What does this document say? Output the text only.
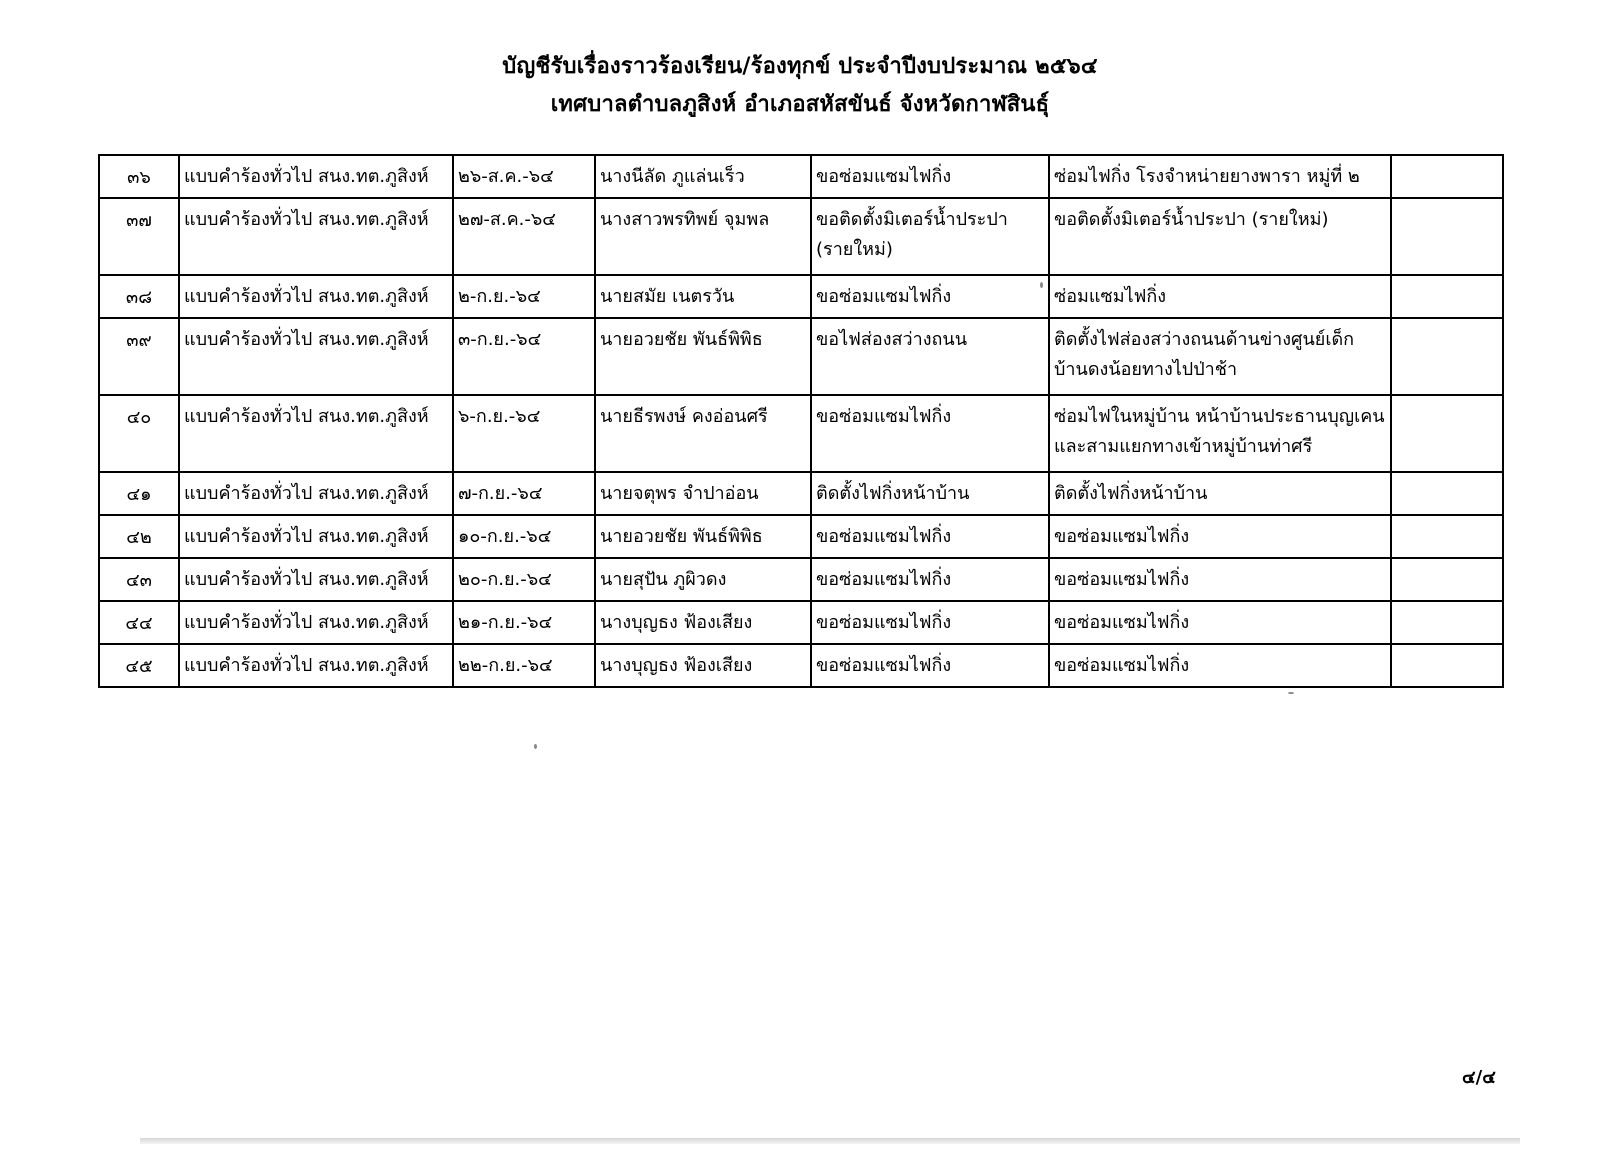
บัญชีรับเรื่องราวร้องเรียน/ร้องทุกข์ ประจำปีงบประมาณ ๒๕๖๔
เทศบาลตำบลภูสิงห์ อำเภอสหัสขันธ์ จังหวัดกาฬสินธุ์
๓๖	แบบคำร้องทั่วไป สนง.ทต.ภูสิงห์	๒๖-ส.ค.-๖๔	นางนีลัด ภูแล่นเร็ว	ขอซ่อมแซมไฟกิ่ง	ซ่อมไฟกิ่ง โรงจำหน่ายยางพารา หมู่ที่ ๒	
๓๗	แบบคำร้องทั่วไป สนง.ทต.ภูสิงห์	๒๗-ส.ค.-๖๔	นางสาวพรทิพย์ จุมพล	ขอติดตั้งมิเตอร์น้ำประปา (รายใหม่)	ขอติดตั้งมิเตอร์น้ำประปา (รายใหม่)	
๓๘	แบบคำร้องทั่วไป สนง.ทต.ภูสิงห์	๒-ก.ย.-๖๔	นายสมัย เนตรวัน	ขอซ่อมแซมไฟกิ่ง	ซ่อมแซมไฟกิ่ง	
๓๙	แบบคำร้องทั่วไป สนง.ทต.ภูสิงห์	๓-ก.ย.-๖๔	นายอวยชัย พันธ์พิพิธ	ขอไฟส่องสว่างถนน	ติดตั้งไฟส่องสว่างถนนด้านข่างศูนย์เด็กบ้านดงน้อยทางไปป่าช้า	
๔๐	แบบคำร้องทั่วไป สนง.ทต.ภูสิงห์	๖-ก.ย.-๖๔	นายธีรพงษ์ คงอ่อนศรี	ขอซ่อมแซมไฟกิ่ง	ซ่อมไฟในหมู่บ้าน หน้าบ้านประธานบุญเคน และสามแยกทางเข้าหมู่บ้านท่าศรี	
๔๑	แบบคำร้องทั่วไป สนง.ทต.ภูสิงห์	๗-ก.ย.-๖๔	นายจตุพร จำปาอ่อน	ติดตั้งไฟกิ่งหน้าบ้าน	ติดตั้งไฟกิ่งหน้าบ้าน	
๔๒	แบบคำร้องทั่วไป สนง.ทต.ภูสิงห์	๑๐-ก.ย.-๖๔	นายอวยชัย พันธ์พิพิธ	ขอซ่อมแซมไฟกิ่ง	ขอซ่อมแซมไฟกิ่ง	
๔๓	แบบคำร้องทั่วไป สนง.ทต.ภูสิงห์	๒๐-ก.ย.-๖๔	นายสุปัน ภูผิวดง	ขอซ่อมแซมไฟกิ่ง	ขอซ่อมแซมไฟกิ่ง	
๔๔	แบบคำร้องทั่วไป สนง.ทต.ภูสิงห์	๒๑-ก.ย.-๖๔	นางบุญธง ฟ้องเสียง	ขอซ่อมแซมไฟกิ่ง	ขอซ่อมแซมไฟกิ่ง	
๔๕	แบบคำร้องทั่วไป สนง.ทต.ภูสิงห์	๒๒-ก.ย.-๖๔	นางบุญธง ฟ้องเสียง	ขอซ่อมแซมไฟกิ่ง	ขอซ่อมแซมไฟกิ่ง	
๔/๔
